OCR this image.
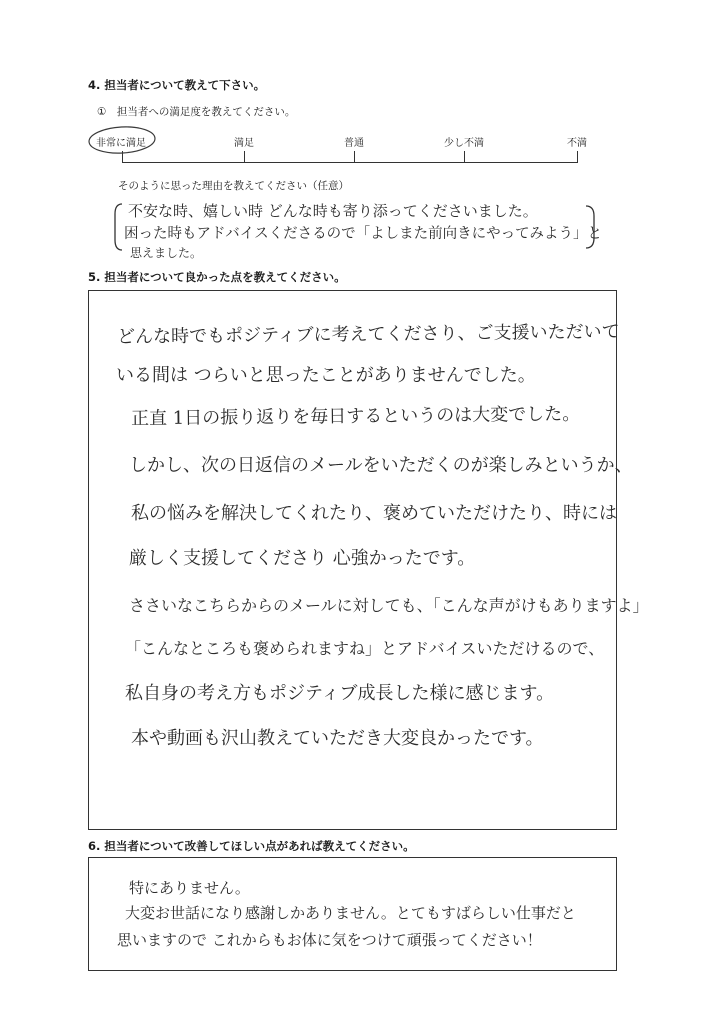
4. 担当者について教えて下さい。
①　担当者への満足度を教えてください。
非常に満足	満足	普通	少し不満	不満
そのように思った理由を教えてください（任意）
不安な時、嬉しい時 どんな時も寄り添ってくださいました。
困った時もアドバイスくださるので「よしまた前向きにやってみよう」と
思えました。
5. 担当者について良かった点を教えてください。
どんな時でもポジティブに考えてくださり、ご支援いただいて
いる間は つらいと思ったことがありませんでした。
正直 1日の振り返りを毎日するというのは大変でした。
しかし、次の日返信のメールをいただくのが楽しみというか、
私の悩みを解決してくれたり、褒めていただけたり、時には
厳しく支援してくださり 心強かったです。
ささいなこちらからのメールに対しても、「こんな声がけもありますよ」
「こんなところも褒められますね」とアドバイスいただけるので、
私自身の考え方もポジティブ成長した様に感じます。
本や動画も沢山教えていただき大変良かったです。
6. 担当者について改善してほしい点があれば教えてください。
特にありません。
大変お世話になり感謝しかありません。とてもすばらしい仕事だと
思いますので これからもお体に気をつけて頑張ってください！
